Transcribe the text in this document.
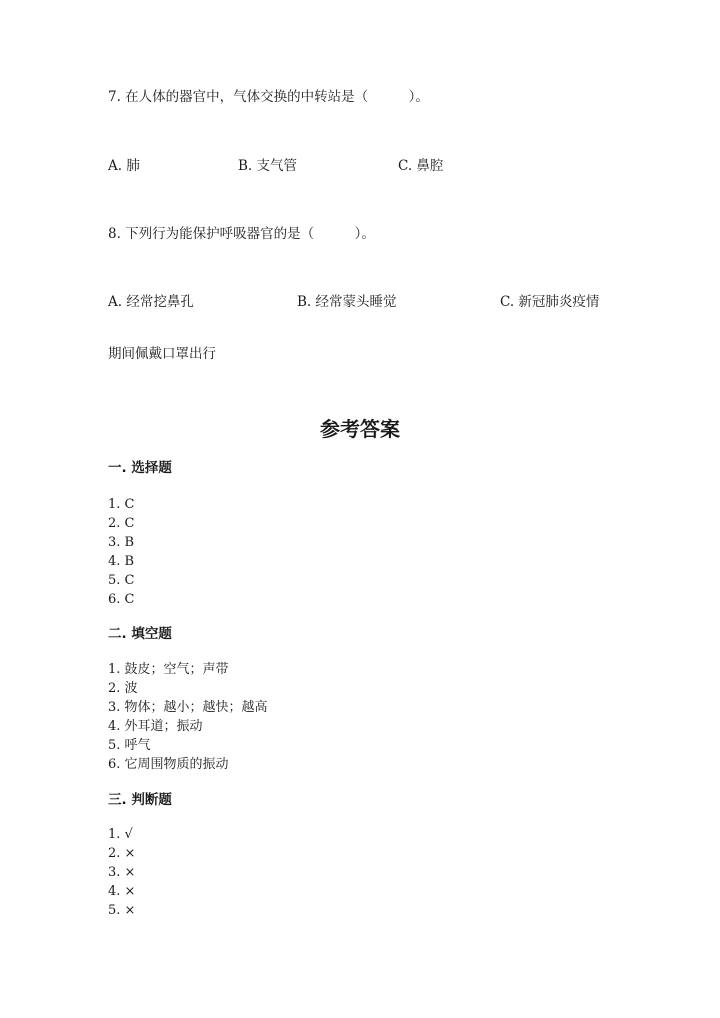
7. 在人体的器官中，气体交换的中转站是（　　　）。
A. 肺	B. 支气管	C. 鼻腔
8. 下列行为能保护呼吸器官的是（　　　）。
A. 经常挖鼻孔	B. 经常蒙头睡觉	C. 新冠肺炎疫情
期间佩戴口罩出行
参考答案
一. 选择题
1. C
2. C
3. B
4. B
5. C
6. C
二. 填空题
1. 鼓皮；空气；声带
2. 波
3. 物体；越小；越快；越高
4. 外耳道；振动
5. 呼气
6. 它周围物质的振动
三. 判断题
1. √
2. ×
3. ×
4. ×
5. ×
